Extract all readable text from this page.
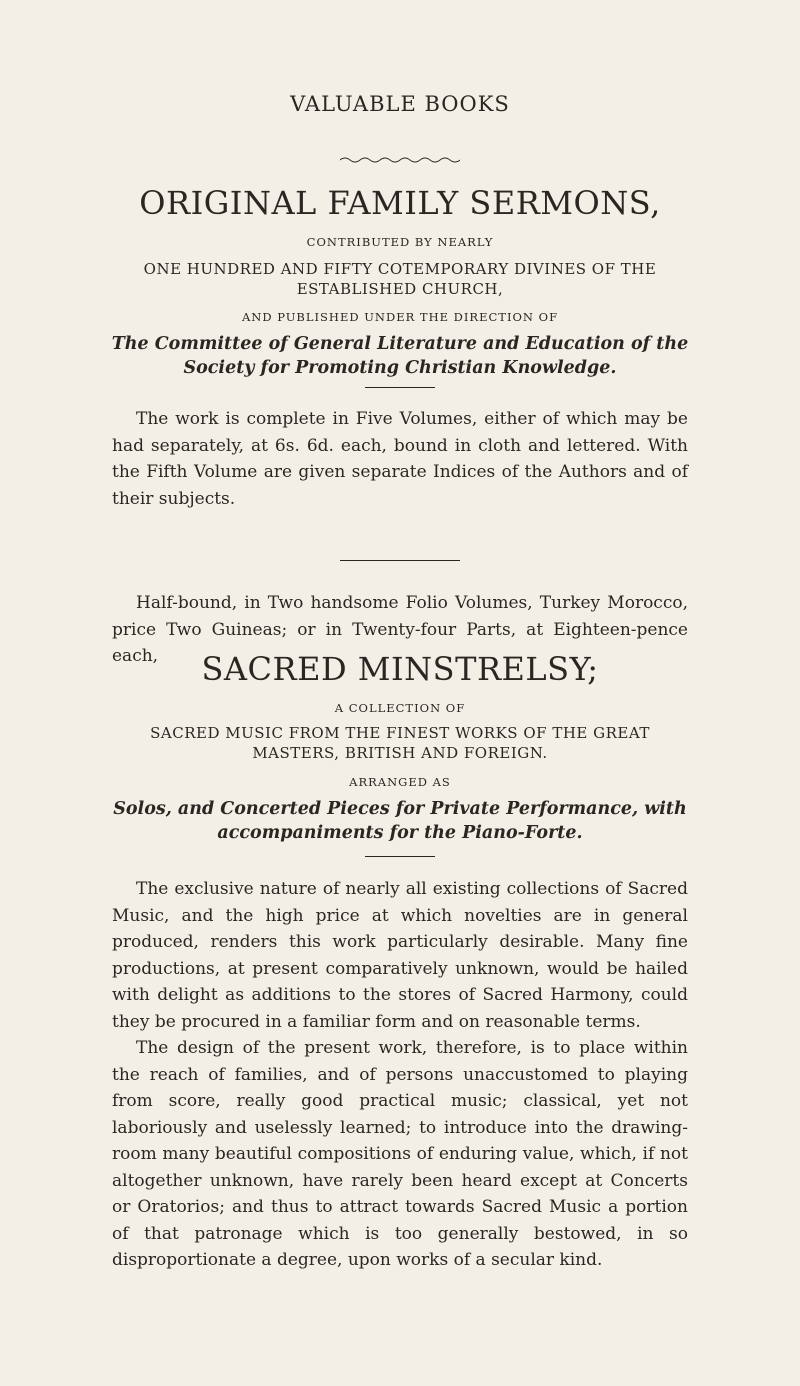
VALUABLE BOOKS
ORIGINAL FAMILY SERMONS,
CONTRIBUTED BY NEARLY
ONE HUNDRED AND FIFTY COTEMPORARY DIVINES OF THE ESTABLISHED CHURCH,
AND PUBLISHED UNDER THE DIRECTION OF
The Committee of General Literature and Education of the Society for Promoting Christian Knowledge.

The work is complete in Five Volumes, either of which may be had separately, at 6s. 6d. each, bound in cloth and lettered. With the Fifth Volume are given separate Indices of the Authors and of their subjects.

Half-bound, in Two handsome Folio Volumes, Turkey Morocco, price Two Guineas; or in Twenty-four Parts, at Eighteen-pence each,	SACRED MINSTRELSY;
A COLLECTION OF
SACRED MUSIC FROM THE FINEST WORKS OF THE GREAT MASTERS, BRITISH AND FOREIGN.
ARRANGED AS
Solos, and Concerted Pieces for Private Performance, with accompaniments for the Piano-Forte.

The exclusive nature of nearly all existing collections of Sacred Music, and the high price at which novelties are in general produced, renders this work particularly desirable. Many fine productions, at present comparatively unknown, would be hailed with delight as additions to the stores of Sacred Harmony, could they be procured in a familiar form and on reasonable terms.

The design of the present work, therefore, is to place within the reach of families, and of persons unaccustomed to playing from score, really good practical music; classical, yet not laboriously and uselessly learned; to introduce into the drawing-room many beautiful compositions of enduring value, which, if not altogether unknown, have rarely been heard except at Concerts or Oratorios; and thus to attract towards Sacred Music a portion of that patronage which is too generally bestowed, in so disproportionate a degree, upon works of a secular kind.
